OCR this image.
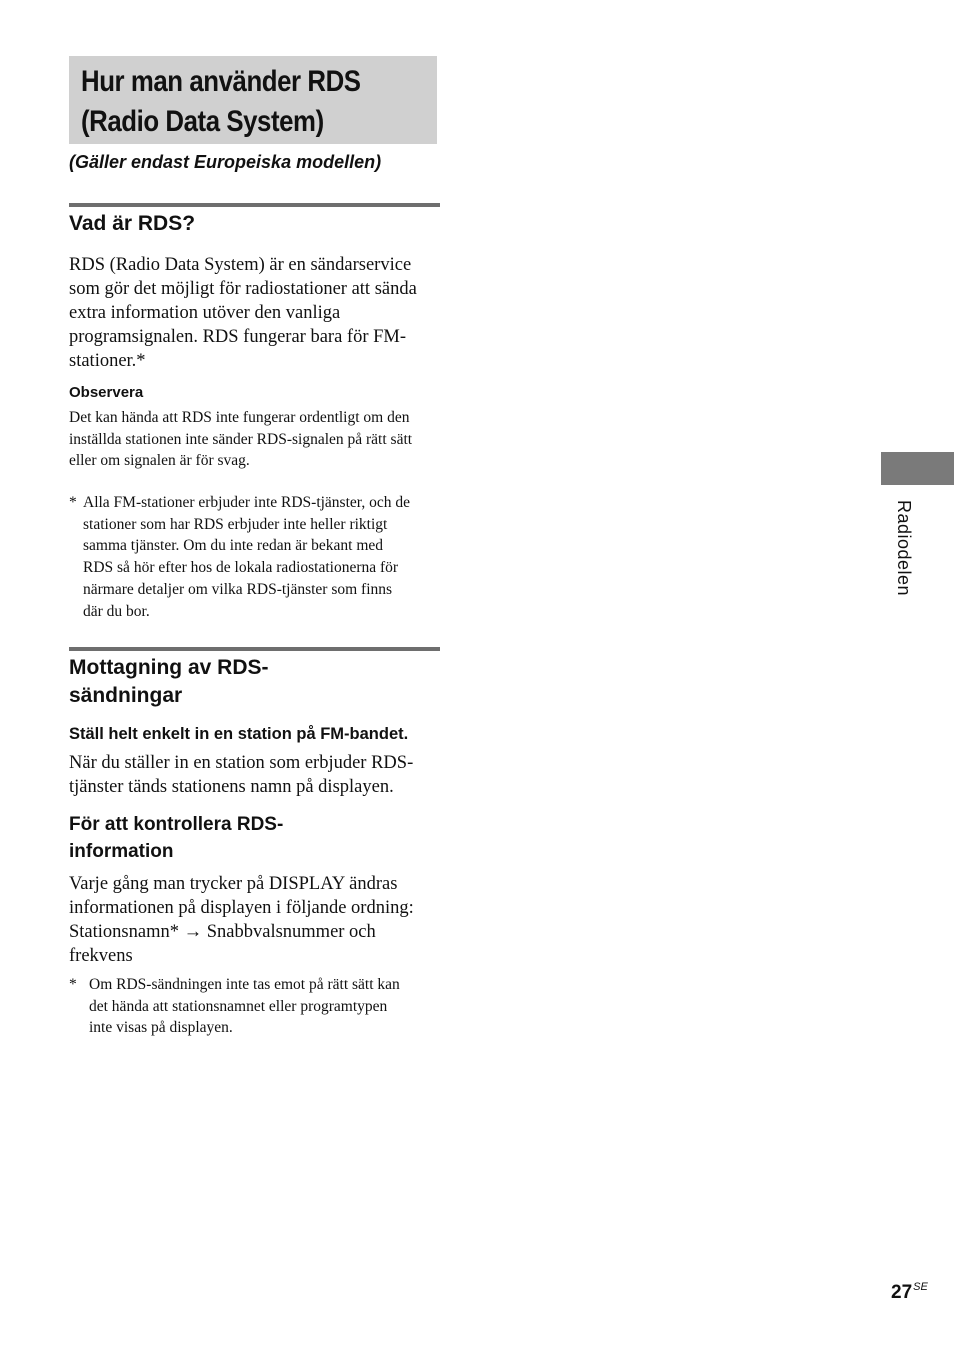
Hur man använder RDS
(Radio Data System)
(Gäller endast Europeiska modellen)
Vad är RDS?

RDS (Radio Data System) är en sändarservice
som gör det möjligt för radiostationer att sända
extra information utöver den vanliga
programsignalen. RDS fungerar bara för FM-
stationer.*

Observera

Det kan hända att RDS inte fungerar ordentligt om den
inställda stationen inte sänder RDS-signalen på rätt sätt
eller om signalen är för svag.

* Alla FM-stationer erbjuder inte RDS-tjänster, och de
stationer som har RDS erbjuder inte heller riktigt
samma tjänster. Om du inte redan är bekant med
RDS så hör efter hos de lokala radiostationerna för
närmare detaljer om vilka RDS-tjänster som finns
där du bor.
Mottagning av RDS-
sändningar
Ställ helt enkelt in en station på FM-bandet.

När du ställer in en station som erbjuder RDS-
tjänster tänds stationens namn på displayen.

För att kontrollera RDS-
information

Varje gång man trycker på DISPLAY ändras
informationen på displayen i följande ordning:
Stationsnamn* → Snabbvalsnummer och
frekvens

* Om RDS-sändningen inte tas emot på rätt sätt kan
det hända att stationsnamnet eller programtypen
inte visas på displayen.
Radiodelen
$27^{SE}$
